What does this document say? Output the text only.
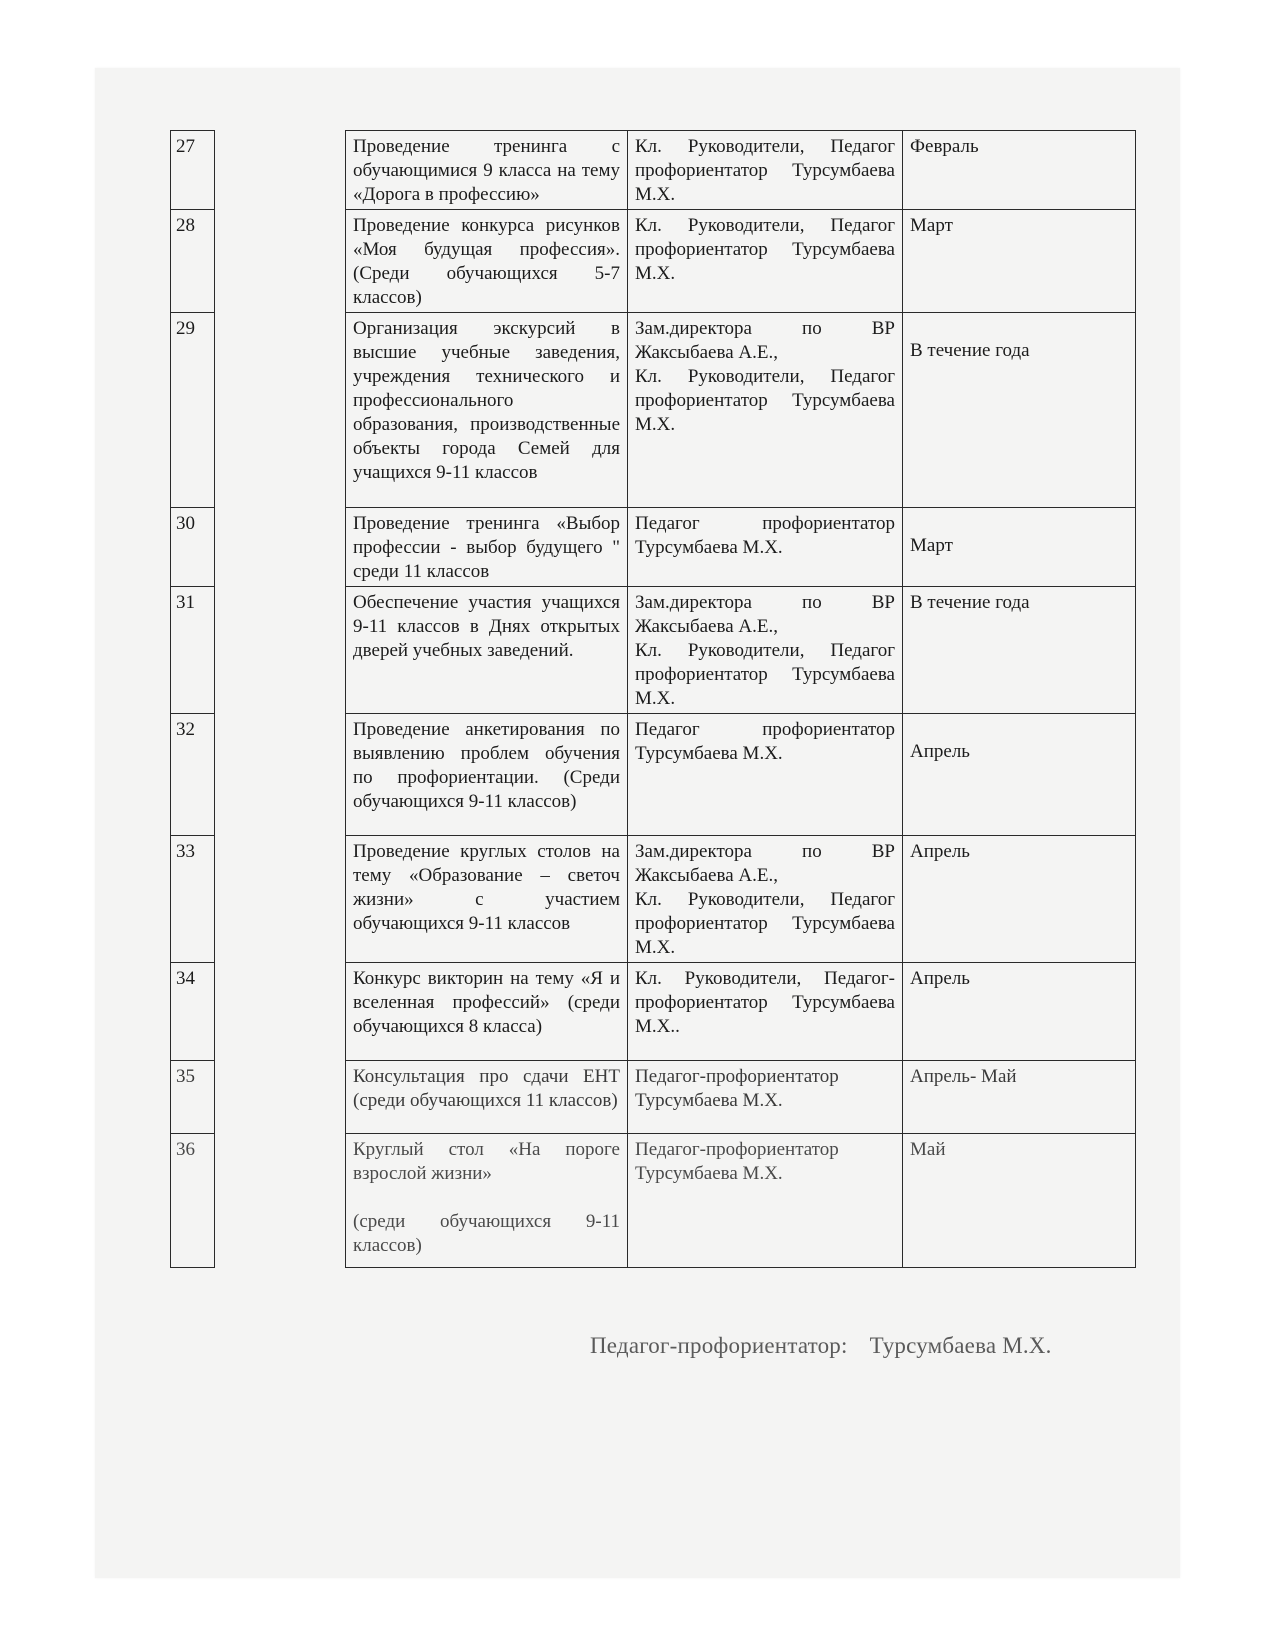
27		Проведение тренинга с обучающимися 9 класса на тему «Дорога в профессию»	Кл. Руководители, Педагог профориентатор Турсумбаева М.Х.	Февраль
28		Проведение конкурса рисунков «Моя будущая профессия». (Среди обучающихся 5-7 классов)	Кл. Руководители, Педагог профориентатор Турсумбаева М.Х.	Март
29		Организация экскурсий в высшие учебные заведения, учреждения технического и профессионального образования, производственные объекты города Семей для учащихся 9-11 классов	Зам.директора по ВР Жаксыбаева А.Е.,
Кл. Руководители, Педагог профориентатор Турсумбаева М.Х.	В течение года
30		Проведение тренинга «Выбор профессии - выбор будущего " среди 11 классов	Педагог профориентатор Турсумбаева М.Х.	Март
31		Обеспечение участия учащихся 9-11 классов в Днях открытых дверей учебных заведений.	Зам.директора по ВР Жаксыбаева А.Е.,
Кл. Руководители, Педагог профориентатор Турсумбаева М.Х.	В течение года
32		Проведение анкетирования по выявлению проблем обучения по профориентации. (Среди обучающихся 9-11 классов)	Педагог профориентатор Турсумбаева М.Х.	Апрель
33		Проведение круглых столов на тему «Образование – светоч жизни» с участием обучающихся 9-11 классов	Зам.директора по ВР Жаксыбаева А.Е.,
Кл. Руководители, Педагог профориентатор Турсумбаева М.Х.	Апрель
34		Конкурс викторин на тему «Я и вселенная профессий» (среди обучающихся 8 класса)	Кл. Руководители, Педагог-профориентатор Турсумбаева М.Х..	Апрель
35		Консультация про сдачи ЕНТ (среди обучающихся 11 классов)	Педагог-профориентатор Турсумбаева М.Х.	Апрель- Май
36		Круглый стол «На пороге взрослой жизни»
(среди обучающихся 9-11 классов)	Педагог-профориентатор Турсумбаева М.Х.	Май
Педагог-профориентатор: Турсумбаева М.Х.
